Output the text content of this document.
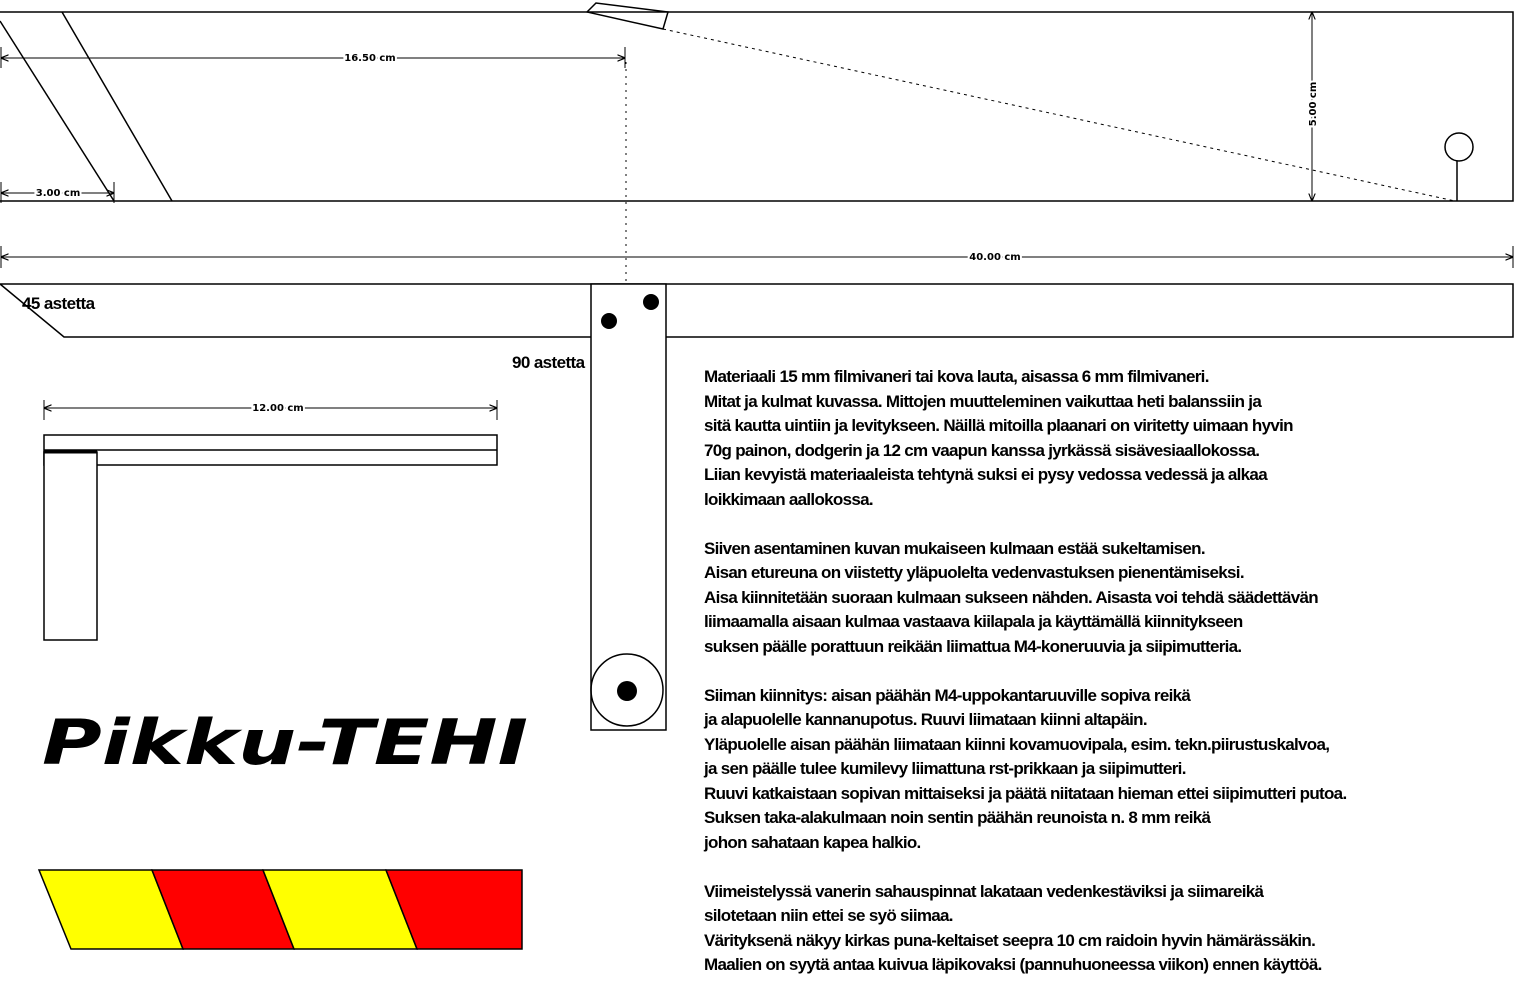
16.50 cm
3.00 cm
5.00 cm
40.00 cm
12.00 cm
45 astetta
90 astetta
Pikku-TEHI
Materiaali 15 mm filmivaneri tai kova lauta, aisassa 6 mm filmivaneri.
Mitat ja kulmat kuvassa. Mittojen muutteleminen vaikuttaa heti balanssiin ja
sitä kautta uintiin ja levitykseen. Näillä mitoilla plaanari on viritetty uimaan hyvin
70g painon, dodgerin ja 12 cm vaapun kanssa jyrkässä sisävesiaallokossa.
Liian kevyistä materiaaleista tehtynä suksi ei pysy vedossa vedessä ja alkaa
loikkimaan aallokossa.
Siiven asentaminen kuvan mukaiseen kulmaan estää sukeltamisen.
Aisan etureuna on viistetty yläpuolelta vedenvastuksen pienentämiseksi.
Aisa kiinnitetään suoraan kulmaan sukseen nähden. Aisasta voi tehdä säädettävän
liimaamalla aisaan kulmaa vastaava kiilapala ja käyttämällä kiinnitykseen
suksen päälle porattuun reikään liimattua M4-koneruuvia ja siipimutteria.
Siiman kiinnitys: aisan päähän M4-uppokantaruuville sopiva reikä
ja alapuolelle kannanupotus. Ruuvi liimataan kiinni altapäin.
Yläpuolelle aisan päähän liimataan kiinni kovamuovipala, esim. tekn.piirustuskalvoa,
ja sen päälle tulee kumilevy liimattuna rst-prikkaan ja siipimutteri.
Ruuvi katkaistaan sopivan mittaiseksi ja päätä niitataan hieman ettei siipimutteri putoa.
Suksen taka-alakulmaan noin sentin päähän reunoista n. 8 mm reikä
johon sahataan kapea halkio.
Viimeistelyssä vanerin sahauspinnat lakataan vedenkestäviksi ja siimareikä
silotetaan niin ettei se syö siimaa.
Värityksenä näkyy kirkas puna-keltaiset seepra 10 cm raidoin hyvin hämärässäkin.
Maalien on syytä antaa kuivua läpikovaksi (pannuhuoneessa viikon) ennen käyttöä.
